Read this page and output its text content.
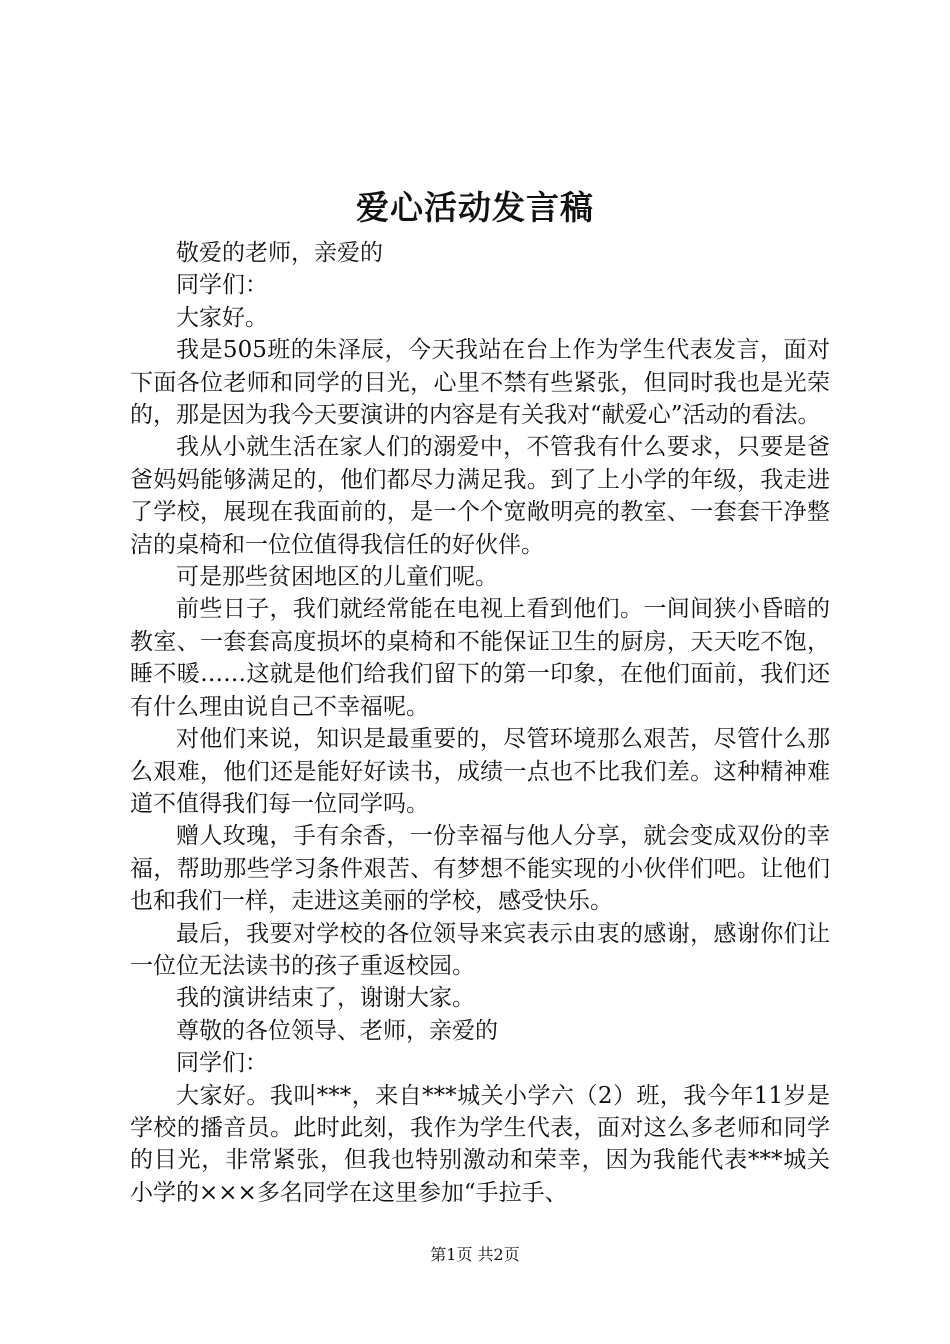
爱心活动发言稿

敬爱的老师，亲爱的

同学们：

大家好。

我是505班的朱泽辰，今天我站在台上作为学生代表发言，面对下面各位老师和同学的目光，心里不禁有些紧张，但同时我也是光荣的，那是因为我今天要演讲的内容是有关我对“献爱心”活动的看法。

我从小就生活在家人们的溺爱中，不管我有什么要求，只要是爸爸妈妈能够满足的，他们都尽力满足我。到了上小学的年级，我走进了学校，展现在我面前的，是一个个宽敞明亮的教室、一套套干净整洁的桌椅和一位位值得我信任的好伙伴。

可是那些贫困地区的儿童们呢。

前些日子，我们就经常能在电视上看到他们。一间间狭小昏暗的教室、一套套高度损坏的桌椅和不能保证卫生的厨房，天天吃不饱，睡不暖……这就是他们给我们留下的第一印象，在他们面前，我们还有什么理由说自己不幸福呢。

对他们来说，知识是最重要的，尽管环境那么艰苦，尽管什么那么艰难，他们还是能好好读书，成绩一点也不比我们差。这种精神难道不值得我们每一位同学吗。

赠人玫瑰，手有余香，一份幸福与他人分享，就会变成双份的幸福，帮助那些学习条件艰苦、有梦想不能实现的小伙伴们吧。让他们也和我们一样，走进这美丽的学校，感受快乐。

最后，我要对学校的各位领导来宾表示由衷的感谢，感谢你们让一位位无法读书的孩子重返校园。

我的演讲结束了，谢谢大家。

尊敬的各位领导、老师，亲爱的

同学们：

大家好。我叫***，来自***城关小学六（2）班，我今年11岁是学校的播音员。此时此刻，我作为学生代表，面对这么多老师和同学的目光，非常紧张，但我也特别激动和荣幸，因为我能代表***城关小学的×××多名同学在这里参加“手拉手、

第1页 共2页
